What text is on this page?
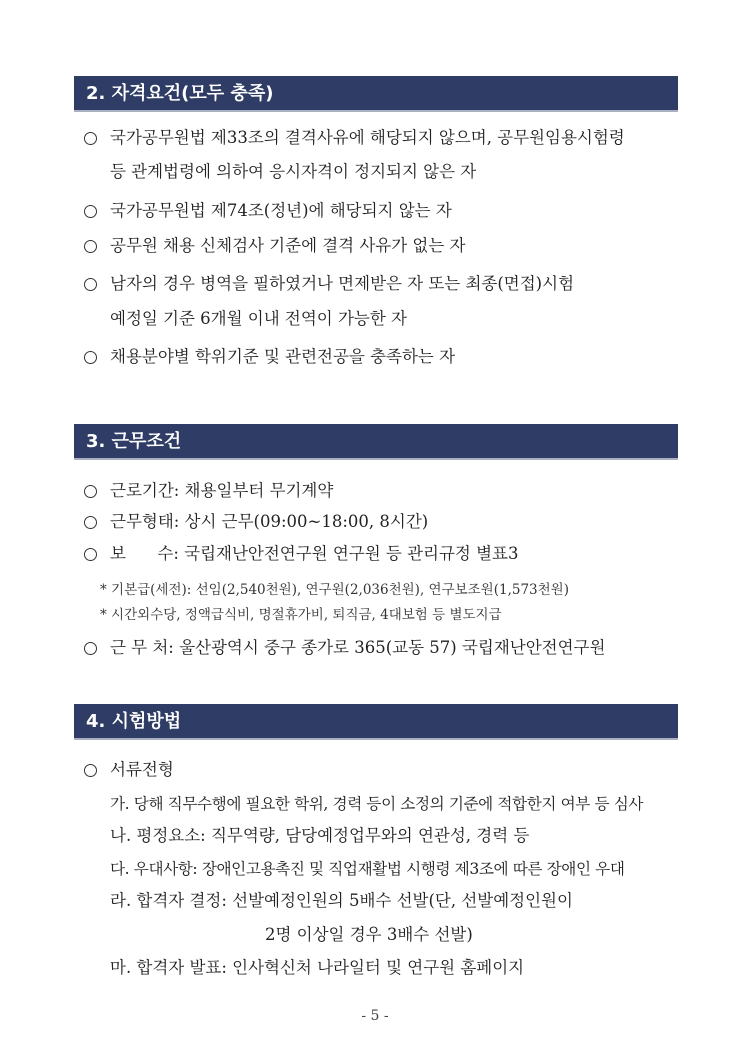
2. 자격요건(모두 충족)
국가공무원법 제33조의 결격사유에 해당되지 않으며, 공무원임용시험령
등 관계법령에 의하여 응시자격이 정지되지 않은 자
국가공무원법 제74조(정년)에 해당되지 않는 자
공무원 채용 신체검사 기준에 결격 사유가 없는 자
남자의 경우 병역을 필하였거나 면제받은 자 또는 최종(면접)시험
예정일 기준 6개월 이내 전역이 가능한 자
채용분야별 학위기준 및 관련전공을 충족하는 자
3. 근무조건
근로기간: 채용일부터 무기계약
근무형태: 상시 근무(09:00~18:00, 8시간)
보      수: 국립재난안전연구원 연구원 등 관리규정 별표3
* 기본급(세전): 선임(2,540천원), 연구원(2,036천원), 연구보조원(1,573천원)
* 시간외수당, 정액급식비, 명절휴가비, 퇴직금, 4대보험 등 별도지급
근 무 처: 울산광역시 중구 종가로 365(교동 57) 국립재난안전연구원
4. 시험방법
서류전형
가. 당해 직무수행에 필요한 학위, 경력 등이 소정의 기준에 적합한지 여부 등 심사
나. 평정요소: 직무역량, 담당예정업무와의 연관성, 경력 등
다. 우대사항: 장애인고용촉진 및 직업재활법 시행령 제3조에 따른 장애인 우대
라. 합격자 결정: 선발예정인원의 5배수 선발(단, 선발예정인원이
2명 이상일 경우 3배수 선발)
마. 합격자 발표: 인사혁신처 나라일터 및 연구원 홈페이지
- 5 -
